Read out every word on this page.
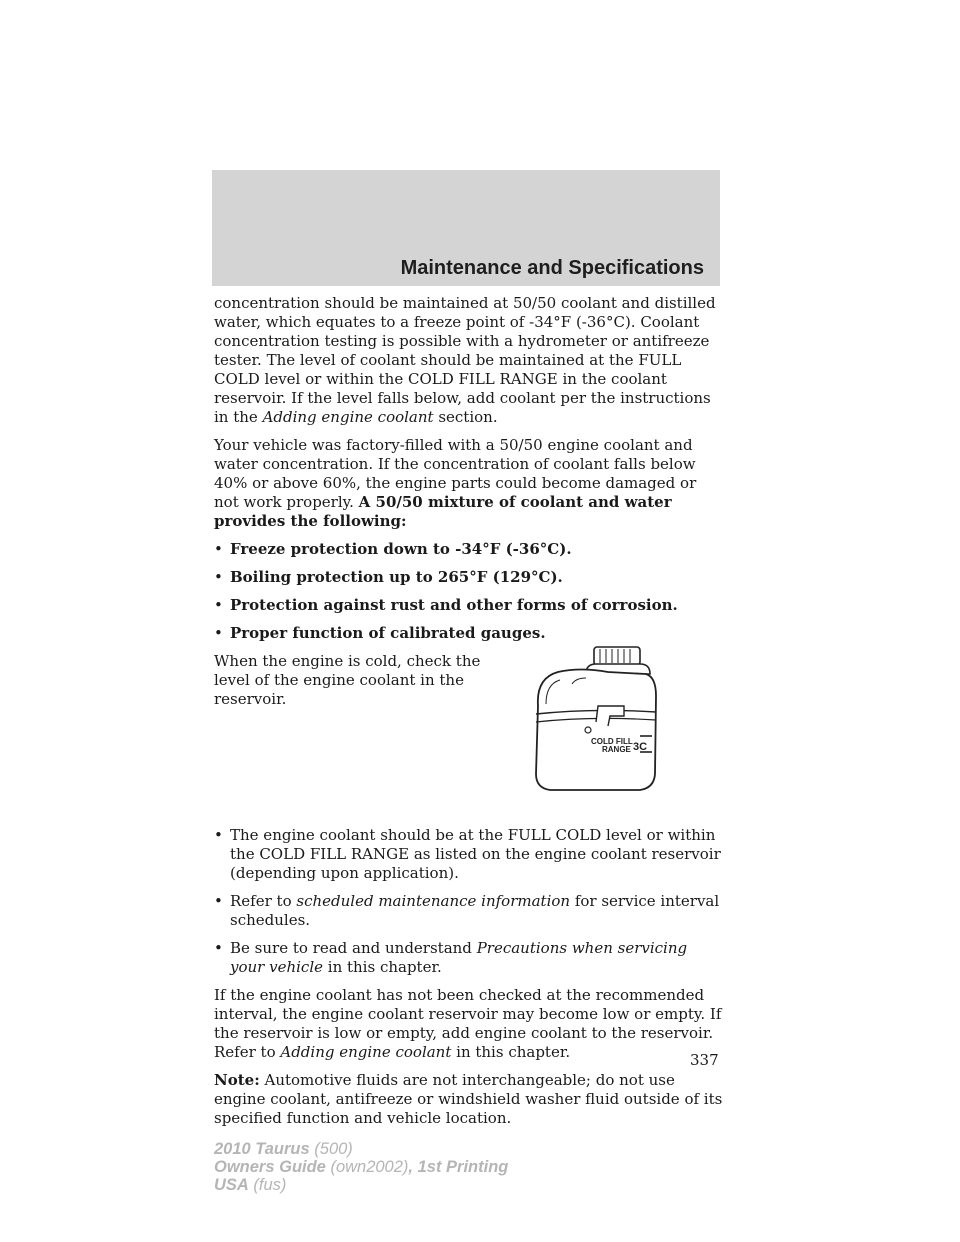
Maintenance and Specifications

concentration should be maintained at 50/50 coolant and distilled water, which equates to a freeze point of -34°F (-36°C). Coolant concentration testing is possible with a hydrometer or antifreeze tester. The level of coolant should be maintained at the FULL COLD level or within the COLD FILL RANGE in the coolant reservoir. If the level falls below, add coolant per the instructions in the Adding engine coolant section.

Your vehicle was factory-filled with a 50/50 engine coolant and water concentration. If the concentration of coolant falls below 40% or above 60%, the engine parts could become damaged or not work properly. A 50/50 mixture of coolant and water provides the following:

• Freeze protection down to -34°F (-36°C).
• Boiling protection up to 265°F (129°C).
• Protection against rust and other forms of corrosion.
• Proper function of calibrated gauges.
When the engine is cold, check the level of the engine coolant in the reservoir.
3C
COLD FILL
RANGE
• The engine coolant should be at the FULL COLD level or within the COLD FILL RANGE as listed on the engine coolant reservoir (depending upon application).
• Refer to scheduled maintenance information for service interval schedules.
• Be sure to read and understand Precautions when servicing your vehicle in this chapter.

If the engine coolant has not been checked at the recommended interval, the engine coolant reservoir may become low or empty. If the reservoir is low or empty, add engine coolant to the reservoir. Refer to Adding engine coolant in this chapter.

Note: Automotive fluids are not interchangeable; do not use engine coolant, antifreeze or windshield washer fluid outside of its specified function and vehicle location.

337
2010 Taurus (500)
Owners Guide (own2002), 1st Printing
USA (fus)
